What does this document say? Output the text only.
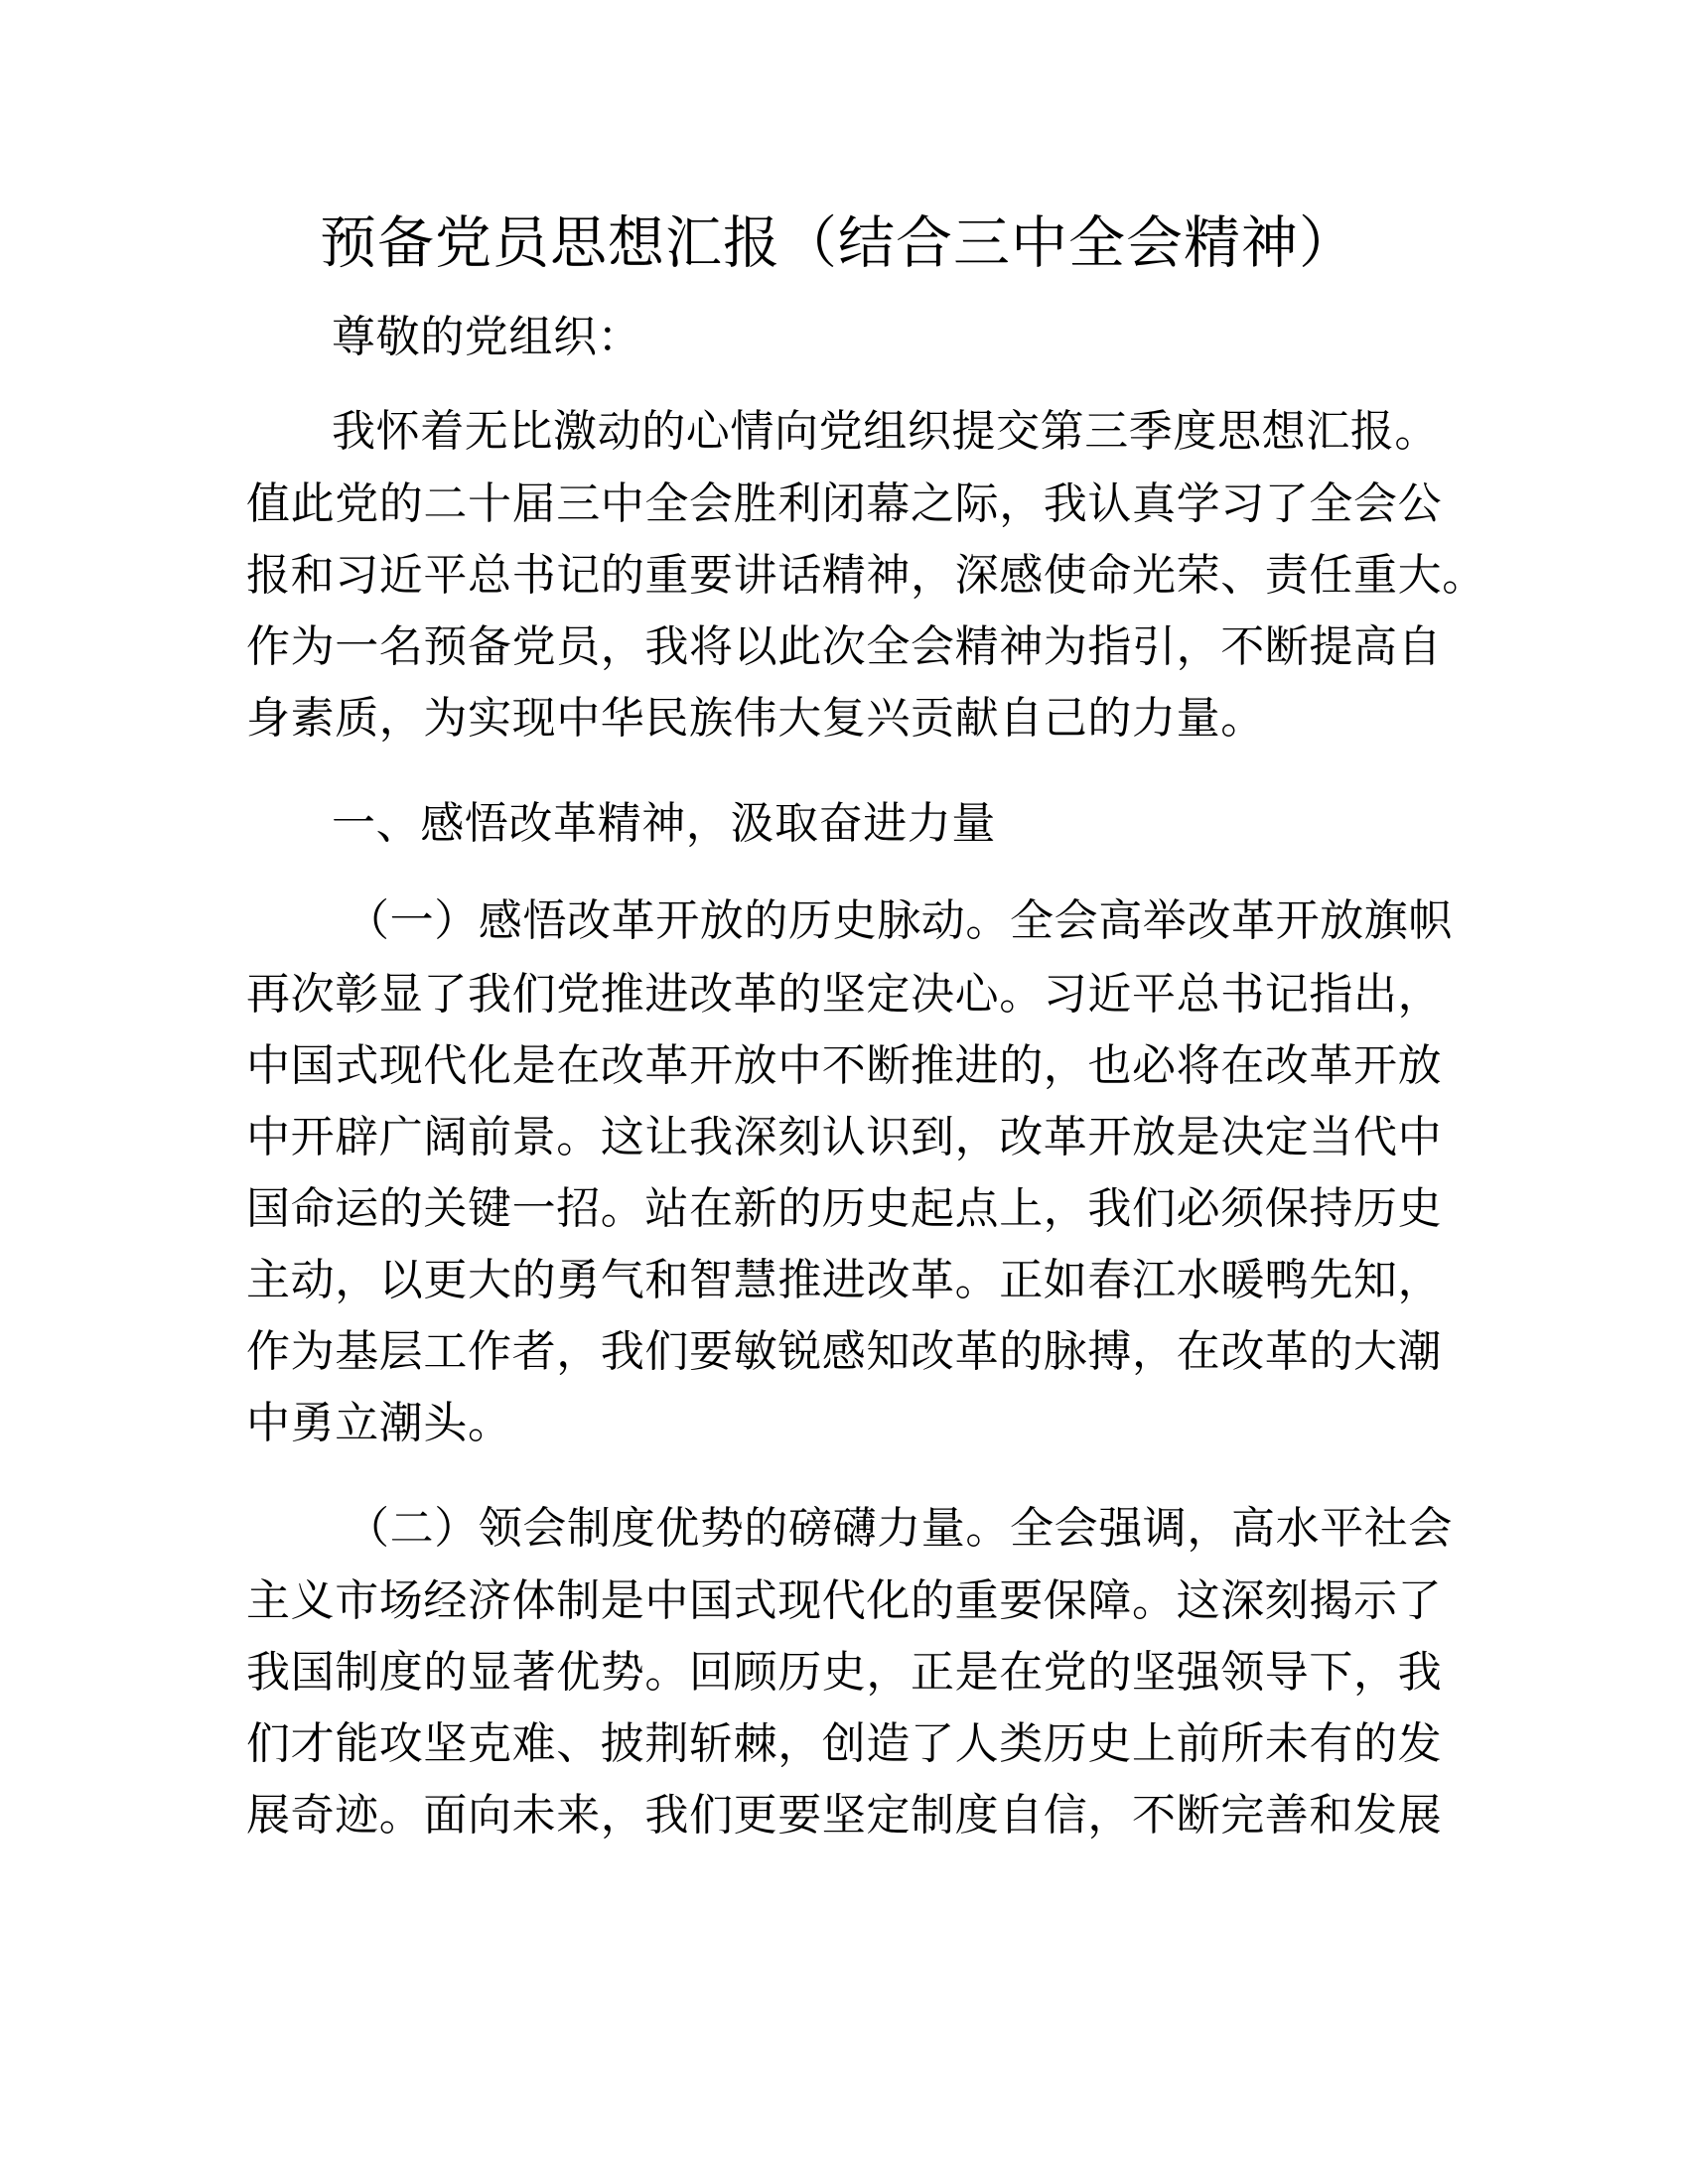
预备党员思想汇报（结合三中全会精神）
尊敬的党组织：
我怀着无比激动的心情向党组织提交第三季度思想汇报。
值此党的二十届三中全会胜利闭幕之际，我认真学习了全会公
报和习近平总书记的重要讲话精神，深感使命光荣、责任重大。
作为一名预备党员，我将以此次全会精神为指引，不断提高自
身素质，为实现中华民族伟大复兴贡献自己的力量。
一、感悟改革精神，汲取奋进力量
（一）感悟改革开放的历史脉动。全会高举改革开放旗帜
再次彰显了我们党推进改革的坚定决心。习近平总书记指出，
中国式现代化是在改革开放中不断推进的，也必将在改革开放
中开辟广阔前景。这让我深刻认识到，改革开放是决定当代中
国命运的关键一招。站在新的历史起点上，我们必须保持历史
主动，以更大的勇气和智慧推进改革。正如春江水暖鸭先知，
作为基层工作者，我们要敏锐感知改革的脉搏，在改革的大潮
中勇立潮头。
（二）领会制度优势的磅礴力量。全会强调，高水平社会
主义市场经济体制是中国式现代化的重要保障。这深刻揭示了
我国制度的显著优势。回顾历史，正是在党的坚强领导下，我
们才能攻坚克难、披荆斩棘，创造了人类历史上前所未有的发
展奇迹。面向未来，我们更要坚定制度自信，不断完善和发展
